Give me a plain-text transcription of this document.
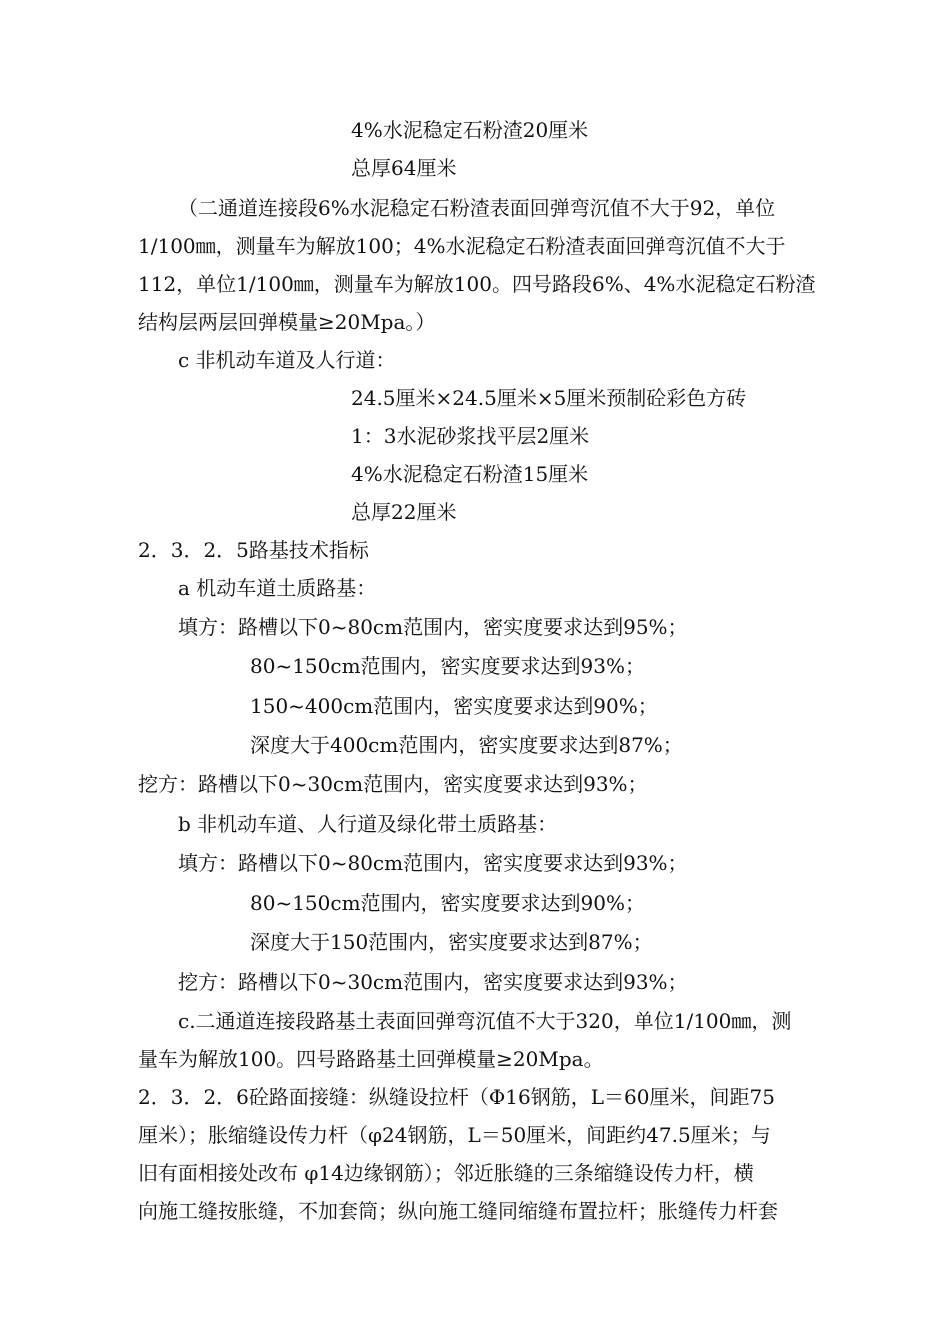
4%水泥稳定石粉渣20厘米
总厚64厘米
（二通道连接段6%水泥稳定石粉渣表面回弹弯沉值不大于92，单位
1/100㎜，测量车为解放100；4%水泥稳定石粉渣表面回弹弯沉值不大于
112，单位1/100㎜，测量车为解放100。四号路段6%、4%水泥稳定石粉渣
结构层两层回弹模量≥20Mpa。）
c 非机动车道及人行道：
24.5厘米×24.5厘米×5厘米预制砼彩色方砖
1：3水泥砂浆找平层2厘米
4%水泥稳定石粉渣15厘米
总厚22厘米
2．3．2．5路基技术指标
a 机动车道土质路基：
填方：路槽以下0~80cm范围内，密实度要求达到95%；
80~150cm范围内，密实度要求达到93%；
150~400cm范围内，密实度要求达到90%；
深度大于400cm范围内，密实度要求达到87%；
挖方：路槽以下0~30cm范围内，密实度要求达到93%；
b 非机动车道、人行道及绿化带土质路基：
填方：路槽以下0~80cm范围内，密实度要求达到93%；
80~150cm范围内，密实度要求达到90%；
深度大于150范围内，密实度要求达到87%；
挖方：路槽以下0~30cm范围内，密实度要求达到93%；
c.二通道连接段路基土表面回弹弯沉值不大于320，单位1/100㎜，测
量车为解放100。四号路路基土回弹模量≥20Mpa。
2．3．2．6砼路面接缝：纵缝设拉杆（Φ16钢筋，L＝60厘米，间距75
厘米）；胀缩缝设传力杆（φ24钢筋，L＝50厘米，间距约47.5厘米；与
旧有面相接处改布 φ14边缘钢筋）；邻近胀缝的三条缩缝设传力杆，横
向施工缝按胀缝，不加套筒；纵向施工缝同缩缝布置拉杆；胀缝传力杆套
